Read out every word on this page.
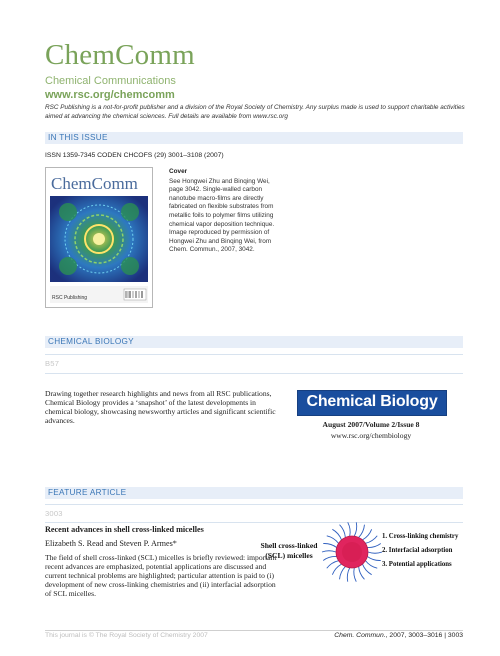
ChemComm
Chemical Communications
www.rsc.org/chemcomm
RSC Publishing is a not-for-profit publisher and a division of the Royal Society of Chemistry. Any surplus made is used to support charitable activities aimed at advancing the chemical sciences. Full details are available from www.rsc.org
IN THIS ISSUE
ISSN 1359-7345 CODEN CHCOFS (29) 3001–3108 (2007)
ChemComm
RSC Publishing
Cover
See Hongwei Zhu and Binqing Wei, page 3042. Single-walled carbon nanotube macro-films are directly fabricated on flexible substrates from metallic foils to polymer films utilizing chemical vapor deposition technique. Image reproduced by permission of Hongwei Zhu and Binqing Wei, from Chem. Commun., 2007, 3042.
CHEMICAL BIOLOGY
B57
Drawing together research highlights and news from all RSC publications, Chemical Biology provides a ‘snapshot’ of the latest developments in chemical biology, showcasing newsworthy articles and significant scientific advances.
Chemical Biology
August 2007/Volume 2/Issue 8
www.rsc.org/chembiology
FEATURE ARTICLE
3003
Recent advances in shell cross-linked micelles
Elizabeth S. Read and Steven P. Armes*
The field of shell cross-linked (SCL) micelles is briefly reviewed: important recent advances are emphasized, potential applications are discussed and current technical problems are highlighted; particular attention is paid to (i) development of new cross-linking chemistries and (ii) interfacial adsorption of SCL micelles.
Shell cross-linked
(SCL) micelles
1. Cross-linking chemistry
2. Interfacial adsorption
3. Potential applications
This journal is © The Royal Society of Chemistry 2007	Chem. Commun., 2007, 3003–3016 | 3003
